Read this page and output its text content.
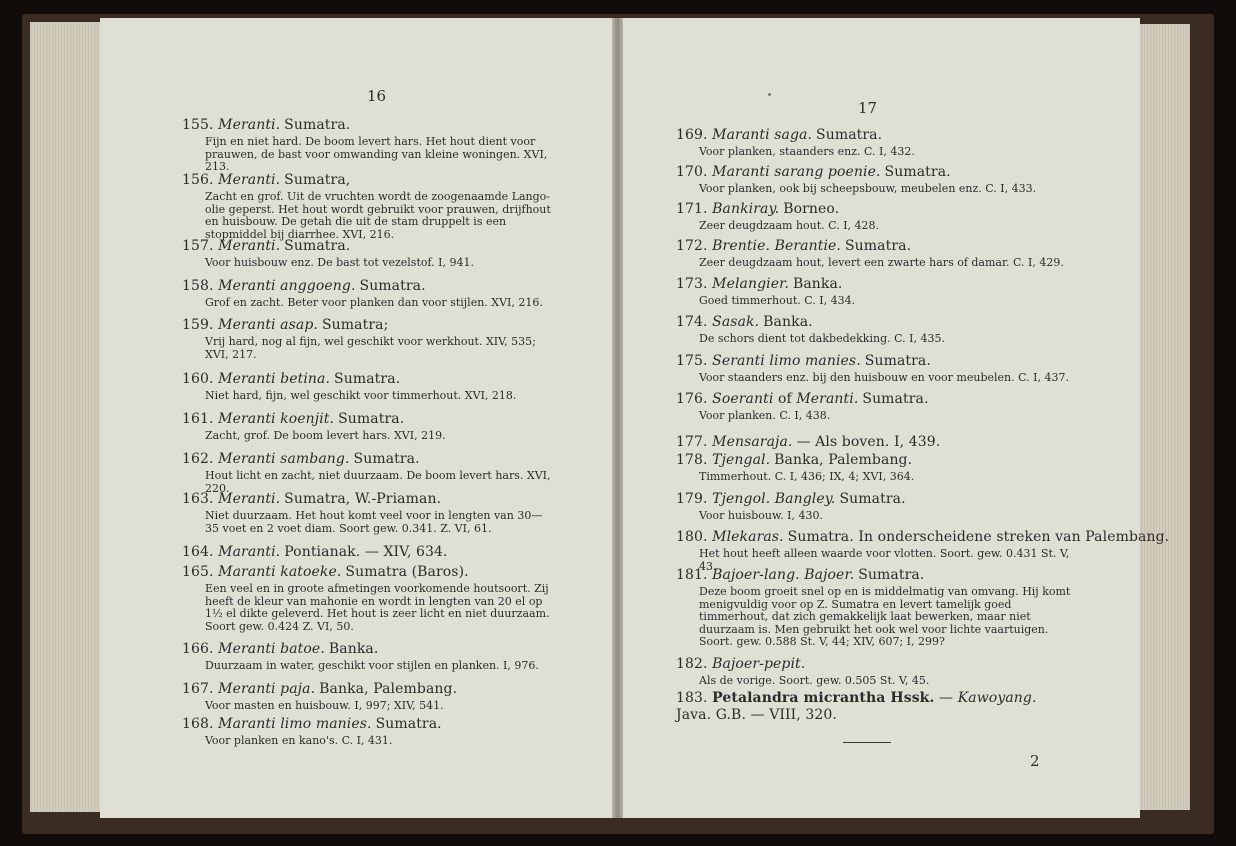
16
17
2
155. Meranti. Sumatra.
Fijn en niet hard. De boom levert hars. Het hout dient voor prauwen, de bast voor omwanding van kleine woningen. XVI, 213.
156. Meranti. Sumatra,
Zacht en grof. Uit de vruchten wordt de zoogenaamde Lango-olie geperst. Het hout wordt gebruikt voor prauwen, drijfhout en huisbouw. De getah die uit de stam druppelt is een stopmiddel bij diarrhee. XVI, 216.
157. Meranti. Sumatra.
Voor huisbouw enz. De bast tot vezelstof. I, 941.
158. Meranti anggoeng. Sumatra.
Grof en zacht. Beter voor planken dan voor stijlen. XVI, 216.
159. Meranti asap. Sumatra;
Vrij hard, nog al fijn, wel geschikt voor werkhout. XIV, 535; XVI, 217.
160. Meranti betina. Sumatra.
Niet hard, fijn, wel geschikt voor timmerhout. XVI, 218.
161. Meranti koenjit. Sumatra.
Zacht, grof. De boom levert hars. XVI, 219.
162. Meranti sambang. Sumatra.
Hout licht en zacht, niet duurzaam. De boom levert hars. XVI, 220.
163. Meranti. Sumatra, W.-Priaman.
Niet duurzaam. Het hout komt veel voor in lengten van 30—35 voet en 2 voet diam. Soort gew. 0.341. Z. VI, 61.
164. Maranti. Pontianak. — XIV, 634.
165. Maranti katoeke. Sumatra (Baros).
Een veel en in groote afmetingen voorkomende houtsoort. Zij heeft de kleur van mahonie en wordt in lengten van 20 el op 1½ el dikte geleverd. Het hout is zeer licht en niet duurzaam. Soort gew. 0.424 Z. VI, 50.
166. Meranti batoe. Banka.
Duurzaam in water, geschikt voor stijlen en planken. I, 976.
167. Meranti paja. Banka, Palembang.
Voor masten en huisbouw. I, 997; XIV, 541.
168. Maranti limo manies. Sumatra.
Voor planken en kano's. C. I, 431.
169. Maranti saga. Sumatra.
Voor planken, staanders enz. C. I, 432.
170. Maranti sarang poenie. Sumatra.
Voor planken, ook bij scheepsbouw, meubelen enz. C. I, 433.
171. Bankiray. Borneo.
Zeer deugdzaam hout. C. I, 428.
172. Brentie. Berantie. Sumatra.
Zeer deugdzaam hout, levert een zwarte hars of damar. C. I, 429.
173. Melangier. Banka.
Goed timmerhout. C. I, 434.
174. Sasak. Banka.
De schors dient tot dakbedekking. C. I, 435.
175. Seranti limo manies. Sumatra.
Voor staanders enz. bij den huisbouw en voor meubelen. C. I, 437.
176. Soeranti of Meranti. Sumatra.
Voor planken. C. I, 438.
177. Mensaraja. — Als boven. I, 439.
178. Tjengal. Banka, Palembang.
Timmerhout. C. I, 436; IX, 4; XVI, 364.
179. Tjengol. Bangley. Sumatra.
Voor huisbouw. I, 430.
180. Mlekaras. Sumatra. In onderscheidene streken van Palembang.
Het hout heeft alleen waarde voor vlotten. Soort. gew. 0.431 St. V, 43.
181. Bajoer-lang. Bajoer. Sumatra.
Deze boom groeit snel op en is middelmatig van omvang. Hij komt menigvuldig voor op Z. Sumatra en levert tamelijk goed timmerhout, dat zich gemakkelijk laat bewerken, maar niet duurzaam is. Men gebruikt het ook wel voor lichte vaartuigen. Soort. gew. 0.588 St. V, 44; XIV, 607; I, 299?
182. Bajoer-pepit.
Als de vorige. Soort. gew. 0.505 St. V, 45.
183. Petalandra micrantha Hssk. — Kawoyang. Java. G.B. — VIII, 320.
